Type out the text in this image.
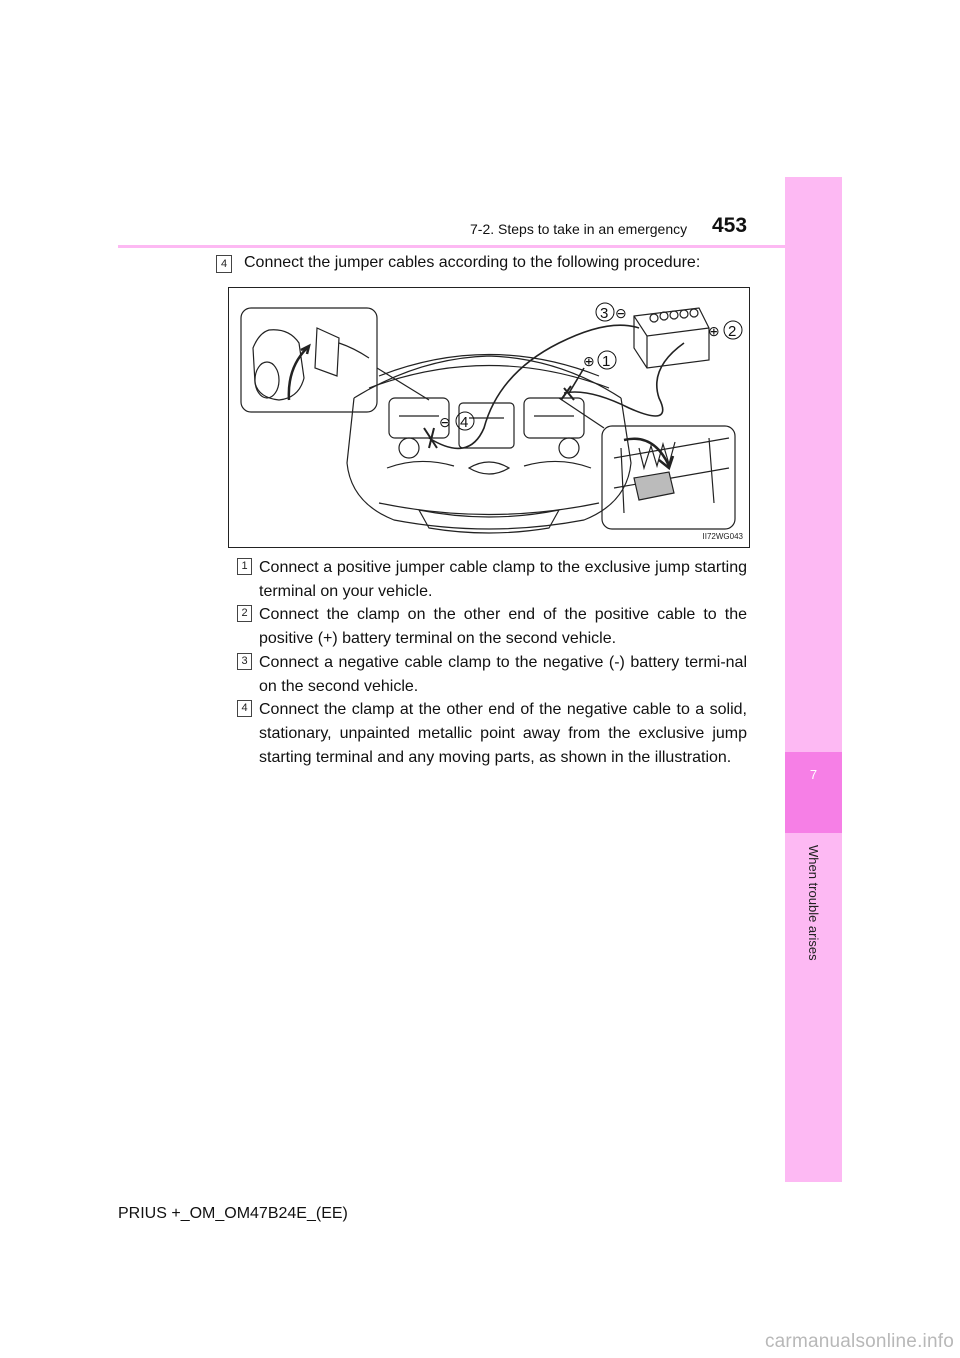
7
When trouble arises
7-2. Steps to take in an emergency 453
4	Connect the jumper cables according to the following procedure:
3 ⊖
2
⊕
1
⊕
4
⊖
II72WG043
1 Connect a positive jumper cable clamp to the exclusive jump starting terminal on your vehicle.
2 Connect the clamp on the other end of the positive cable to the positive (+) battery terminal on the second vehicle.
3 Connect a negative cable clamp to the negative (-) battery termi-nal on the second vehicle.
4 Connect the clamp at the other end of the negative cable to a solid, stationary, unpainted metallic point away from the exclusive jump starting terminal and any moving parts, as shown in the illustration.
PRIUS +_OM_OM47B24E_(EE)
carmanualsonline.info
